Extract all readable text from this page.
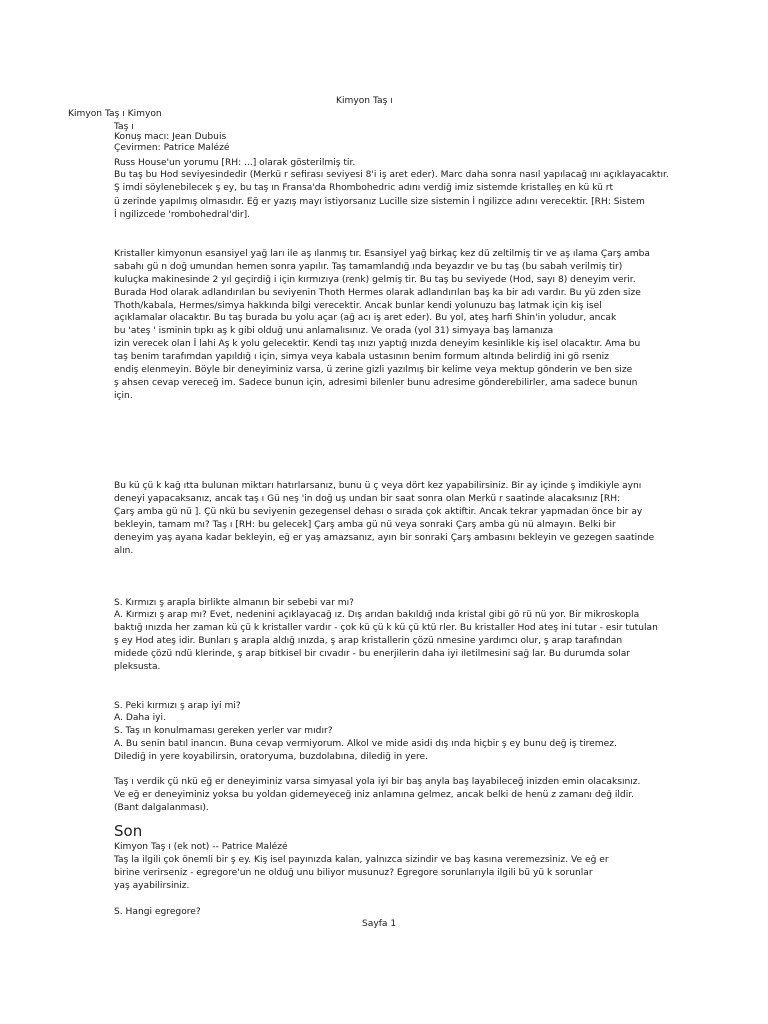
Kimyon Taş ı
Kimyon Taş ı Kimyon
Taş ı
Konuş macı: Jean Dubuis
Çevirmen: Patrice Malézé
Russ House'un yorumu [RH: ...] olarak gösterilmiş tir.
Bu taş bu Hod seviyesindedir (Merkü r sefirası seviyesi 8'i iş aret eder). Marc daha sonra nasıl yapılacağ ını açıklayacaktır.
Ş imdi söylenebilecek ş ey, bu taş ın Fransa'da Rhombohedric adını verdiğ imiz sistemde kristalleş en kü kü rt
ü zerinde yapılmış olmasıdır. Eğ er yazış mayı istiyorsanız Lucille size sistemin İ ngilizce adını verecektir. [RH: Sistem
İ ngilizcede 'rombohedral'dir].
Kristaller kimyonun esansiyel yağ ları ile aş ılanmış tır. Esansiyel yağ birkaç kez dü zeltilmiş tir ve aş ılama Çarş amba
sabahı gü n doğ umundan hemen sonra yapılır. Taş tamamlandığ ında beyazdır ve bu taş (bu sabah verilmiş tir)
kuluçka makinesinde 2 yıl geçirdiğ i için kırmızıya (renk) gelmiş tir. Bu taş bu seviyede (Hod, sayı 8) deneyim verir.
Burada Hod olarak adlandırılan bu seviyenin Thoth Hermes olarak adlandırılan baş ka bir adı vardır. Bu yü zden size
Thoth/kabala, Hermes/simya hakkında bilgi verecektir. Ancak bunlar kendi yolunuzu baş latmak için kiş isel
açıklamalar olacaktır. Bu taş burada bu yolu açar (ağ acı iş aret eder). Bu yol, ateş harfi Shin'in yoludur, ancak
bu 'ateş ' isminin tıpkı aş k gibi olduğ unu anlamalısınız. Ve orada (yol 31) simyaya baş lamanıza
izin verecek olan İ lahi Aş k yolu gelecektir. Kendi taş ınızı yaptığ ınızda deneyim kesinlikle kiş isel olacaktır. Ama bu
taş benim tarafımdan yapıldığ ı için, simya veya kabala ustasının benim formum altında belirdiğ ini gö rseniz
endiş elenmeyin. Böyle bir deneyiminiz varsa, ü zerine gizli yazılmış bir kelime veya mektup gönderin ve ben size
ş ahsen cevap vereceğ im. Sadece bunun için, adresimi bilenler bunu adresime gönderebilirler, ama sadece bunun
için.
Bu kü çü k kağ ıtta bulunan miktarı hatırlarsanız, bunu ü ç veya dört kez yapabilirsiniz. Bir ay içinde ş imdikiyle aynı
deneyi yapacaksanız, ancak taş ı Gü neş 'in doğ uş undan bir saat sonra olan Merkü r saatinde alacaksınız [RH:
Çarş amba gü nü ]. Çü nkü bu seviyenin gezegensel dehası o sırada çok aktiftir. Ancak tekrar yapmadan önce bir ay
bekleyin, tamam mı? Taş ı [RH: bu gelecek] Çarş amba gü nü veya sonraki Çarş amba gü nü almayın. Belki bir
deneyim yaş ayana kadar bekleyin, eğ er yaş amazsanız, ayın bir sonraki Çarş ambasını bekleyin ve gezegen saatinde
alın.
S. Kırmızı ş arapla birlikte almanın bir sebebi var mı?
A. Kırmızı ş arap mı? Evet, nedenini açıklayacağ ız. Dış arıdan bakıldığ ında kristal gibi gö rü nü yor. Bir mikroskopla
baktığ ınızda her zaman kü çü k kristaller vardır - çok kü çü k kü çü ktü rler. Bu kristaller Hod ateş ini tutar - esir tutulan
ş ey Hod ateş idir. Bunları ş arapla aldığ ınızda, ş arap kristallerin çözü nmesine yardımcı olur, ş arap tarafından
midede çözü ndü klerinde, ş arap bitkisel bir cıvadır - bu enerjilerin daha iyi iletilmesini sağ lar. Bu durumda solar
pleksusta.
S. Peki kırmızı ş arap iyi mi?
A. Daha iyi.
S. Taş ın konulmaması gereken yerler var mıdır?
A. Bu senin batıl inancın. Buna cevap vermiyorum. Alkol ve mide asidi dış ında hiçbir ş ey bunu değ iş tiremez.
Dilediğ in yere koyabilirsin, oratoryuma, buzdolabına, dilediğ in yere.
Taş ı verdik çü nkü eğ er deneyiminiz varsa simyasal yola iyi bir baş anyla baş layabileceğ inizden emin olacaksınız.
Ve eğ er deneyiminiz yoksa bu yoldan gidemeyeceğ iniz anlamına gelmez, ancak belki de henü z zamanı değ ildir.
(Bant dalgalanması).
Son
Kimyon Taş ı (ek not) -- Patrice Malézé
Taş la ilgili çok önemli bir ş ey. Kiş isel payınızda kalan, yalnızca sizindir ve baş kasına veremezsiniz. Ve eğ er
birine verirseniz - egregore'un ne olduğ unu biliyor musunuz? Egregore sorunlarıyla ilgili bü yü k sorunlar
yaş ayabilirsiniz.
S. Hangi egregore?
Sayfa 1
